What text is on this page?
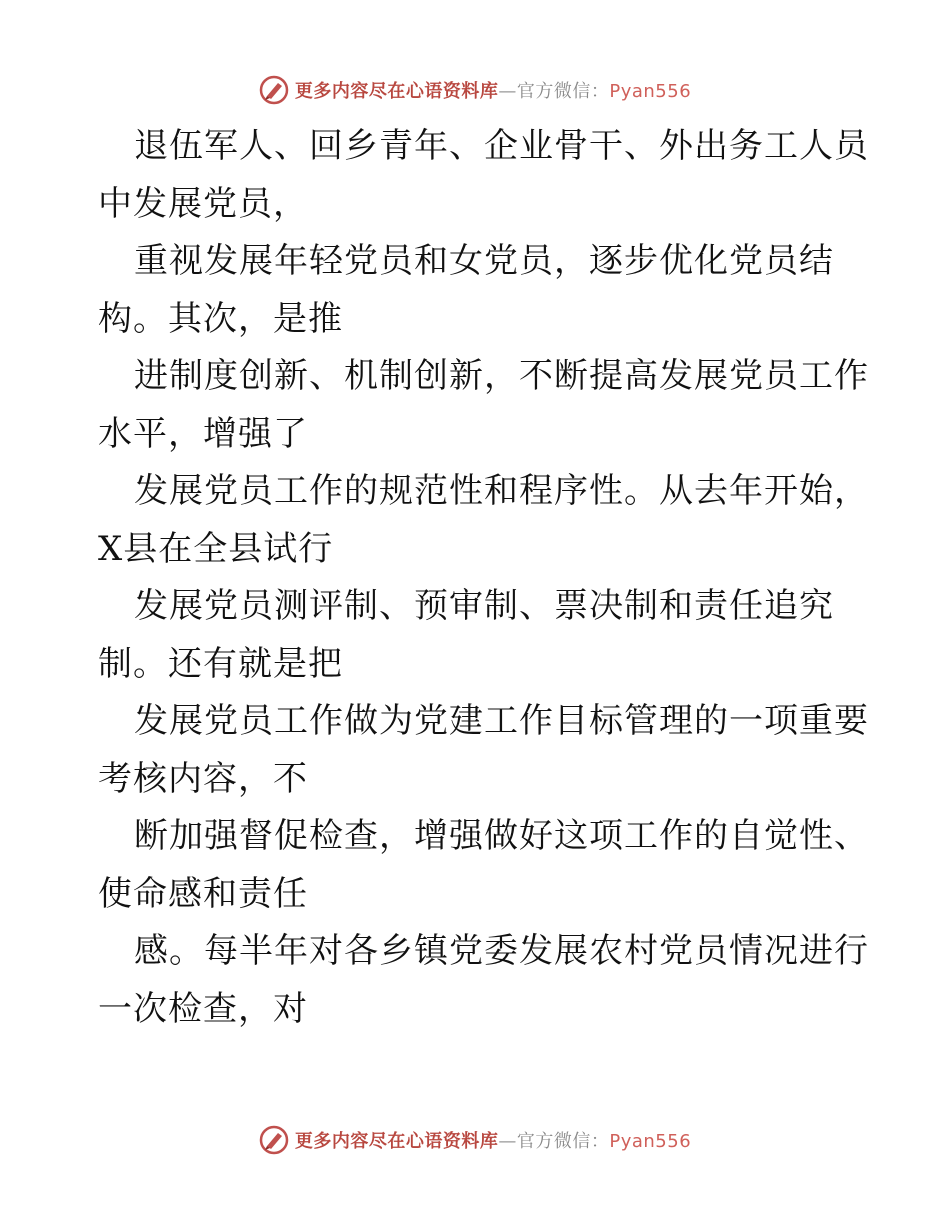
更多内容尽在心语资料库—官方微信：Pyan556
退伍军人、回乡青年、企业骨干、外出务工人员
中发展党员，
重视发展年轻党员和女党员，逐步优化党员结
构。其次，是推
进制度创新、机制创新，不断提高发展党员工作
水平，增强了
发展党员工作的规范性和程序性。从去年开始，
X县在全县试行
发展党员测评制、预审制、票决制和责任追究
制。还有就是把
发展党员工作做为党建工作目标管理的一项重要
考核内容，不
断加强督促检查，增强做好这项工作的自觉性、
使命感和责任
感。每半年对各乡镇党委发展农村党员情况进行
一次检查，对
更多内容尽在心语资料库—官方微信：Pyan556
